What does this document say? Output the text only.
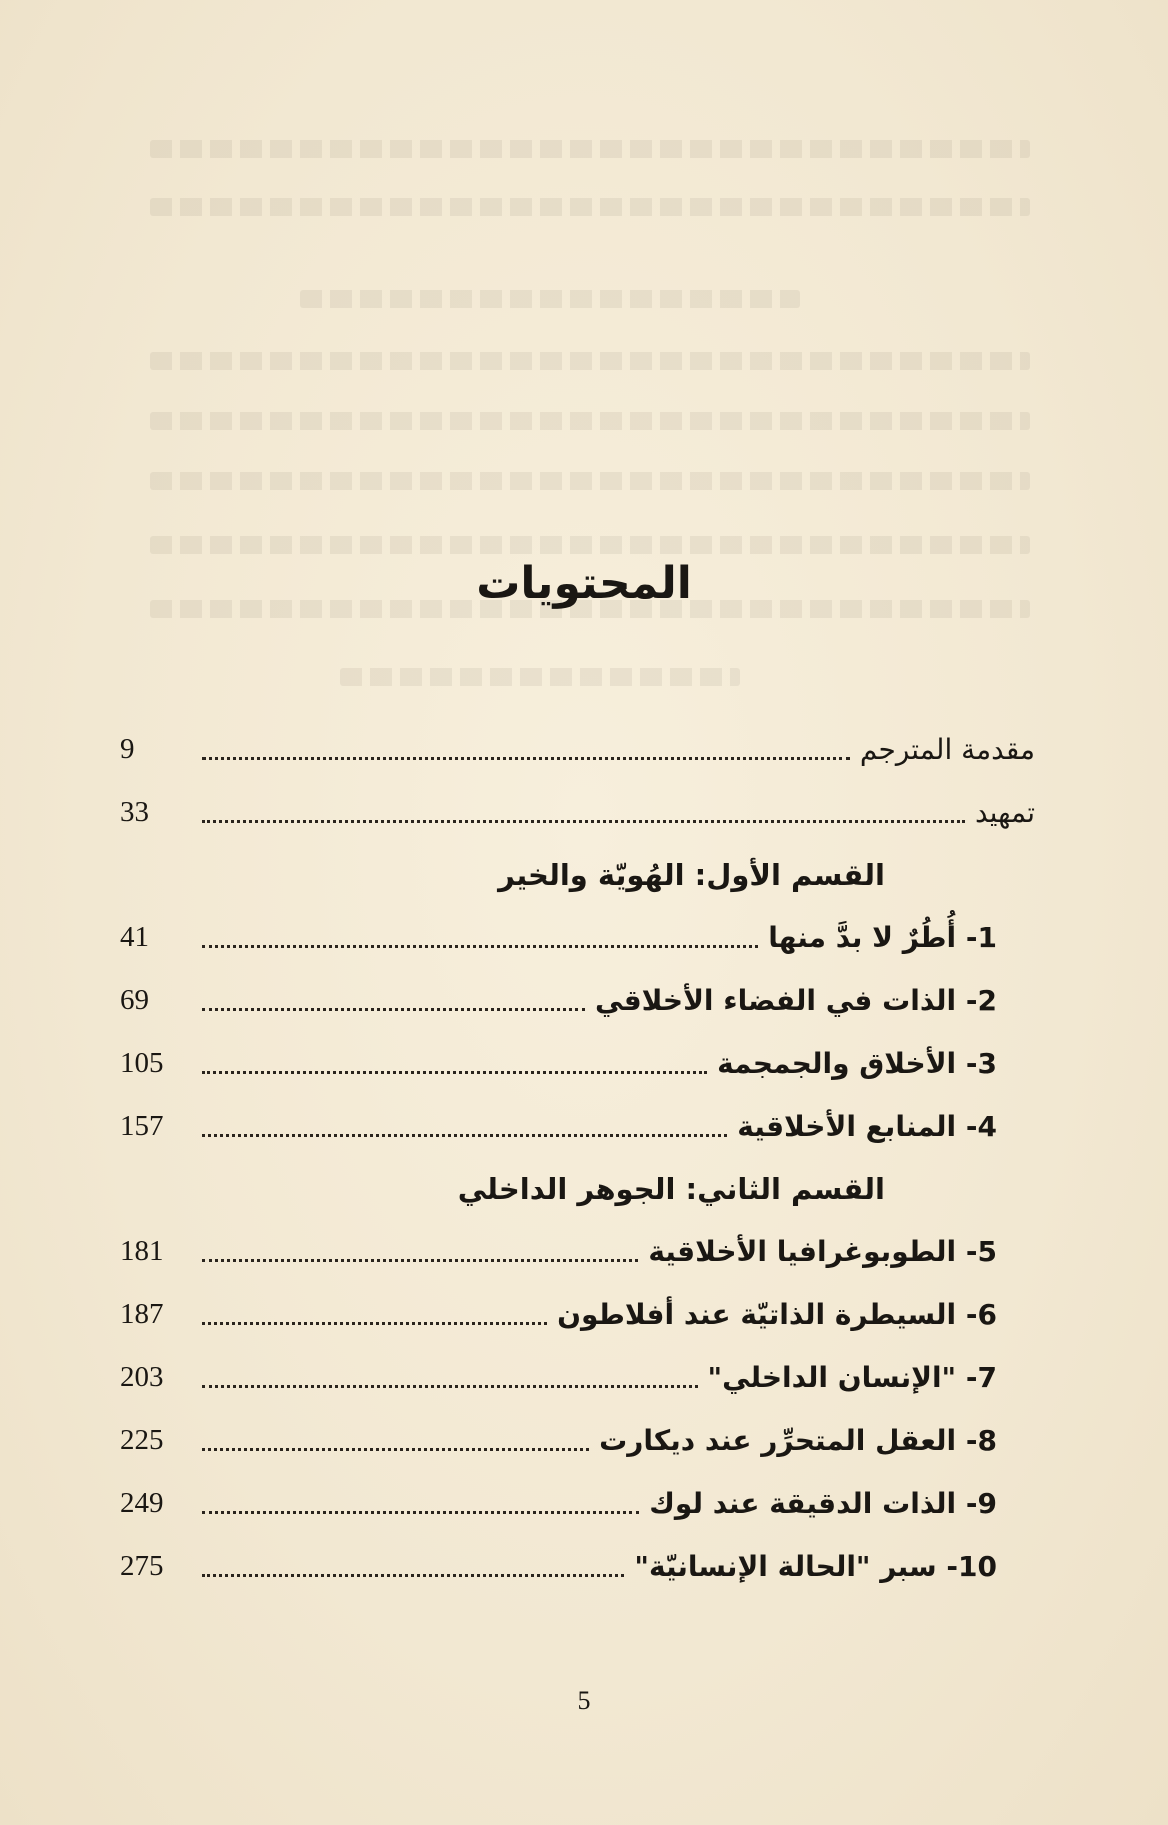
المحتويات
مقدمة المترجم
9
تمهيد
33
القسم الأول: الهُويّة والخير
1- أُطُرٌ لا بدَّ منها
41
2- الذات في الفضاء الأخلاقي
69
3- الأخلاق والجمجمة
105
4- المنابع الأخلاقية
157
القسم الثاني: الجوهر الداخلي
5- الطوبوغرافيا الأخلاقية
181
6- السيطرة الذاتيّة عند أفلاطون
187
7- "الإنسان الداخلي"
203
8- العقل المتحرِّر عند ديكارت
225
9- الذات الدقيقة عند لوك
249
10- سبر "الحالة الإنسانيّة"
275
5
